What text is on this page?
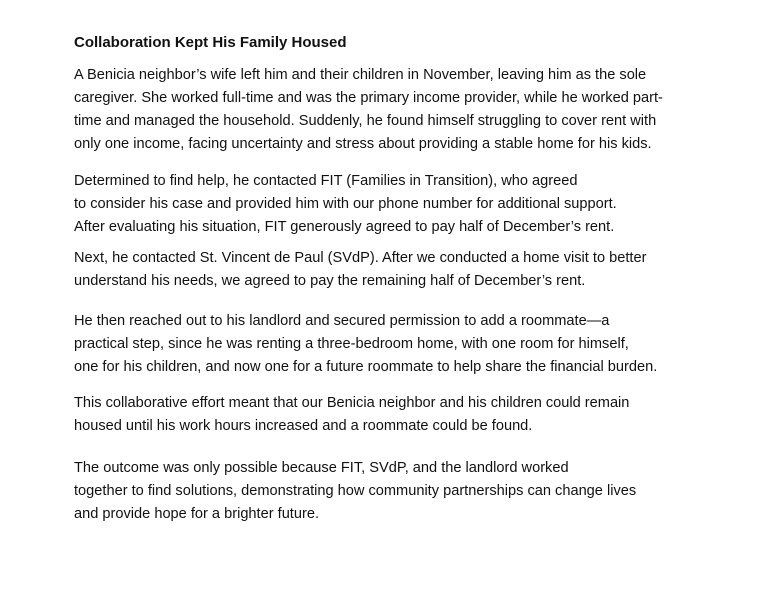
Collaboration Kept His Family Housed

A Benicia neighbor’s wife left him and their children in November, leaving him as the sole
caregiver. She worked full-time and was the primary income provider, while he worked part-
time and managed the household. Suddenly, he found himself struggling to cover rent with
only one income, facing uncertainty and stress about providing a stable home for his kids.

Determined to find help, he contacted FIT (Families in Transition), who agreed
to consider his case and provided him with our phone number for additional support.
After evaluating his situation, FIT generously agreed to pay half of December’s rent.

Next, he contacted St. Vincent de Paul (SVdP). After we conducted a home visit to better
understand his needs, we agreed to pay the remaining half of December’s rent.

He then reached out to his landlord and secured permission to add a roommate—a
practical step, since he was renting a three-bedroom home, with one room for himself,
one for his children, and now one for a future roommate to help share the financial burden.

This collaborative effort meant that our Benicia neighbor and his children could remain
housed until his work hours increased and a roommate could be found.

The outcome was only possible because FIT, SVdP, and the landlord worked
together to find solutions, demonstrating how community partnerships can change lives
and provide hope for a brighter future.
